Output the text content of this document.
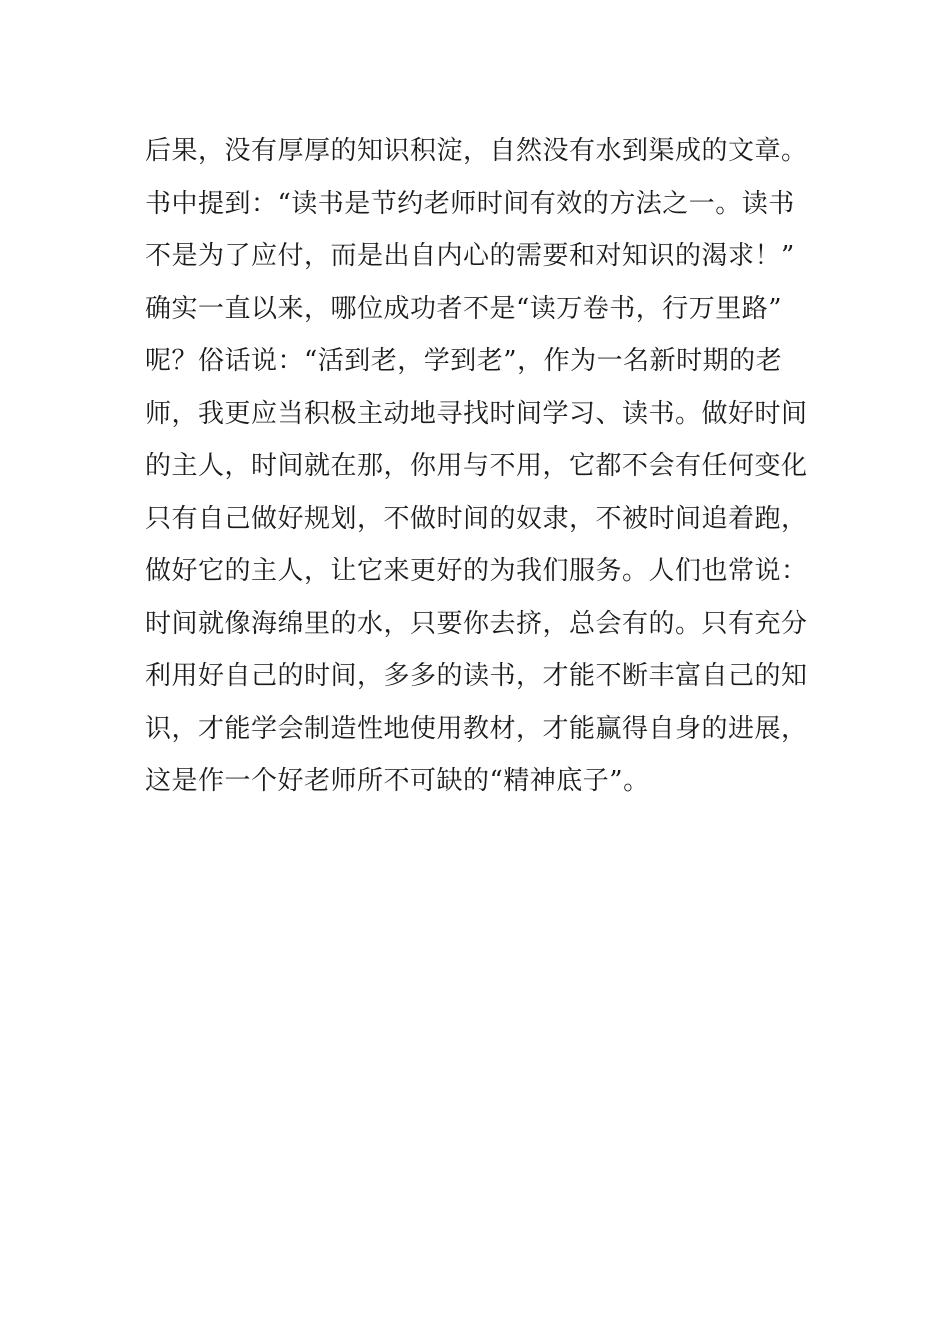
后果，没有厚厚的知识积淀，自然没有水到渠成的文章。
书中提到：“读书是节约老师时间有效的方法之一。读书
不是为了应付，而是出自内心的需要和对知识的渴求！”
确实一直以来，哪位成功者不是“读万卷书，行万里路”
呢？俗话说：“活到老，学到老”，作为一名新时期的老
师，我更应当积极主动地寻找时间学习、读书。做好时间
的主人，时间就在那，你用与不用，它都不会有任何变化
只有自己做好规划，不做时间的奴隶，不被时间追着跑，
做好它的主人，让它来更好的为我们服务。人们也常说：
时间就像海绵里的水，只要你去挤，总会有的。只有充分
利用好自己的时间，多多的读书，才能不断丰富自己的知
识，才能学会制造性地使用教材，才能赢得自身的进展，
这是作一个好老师所不可缺的“精神底子”。
